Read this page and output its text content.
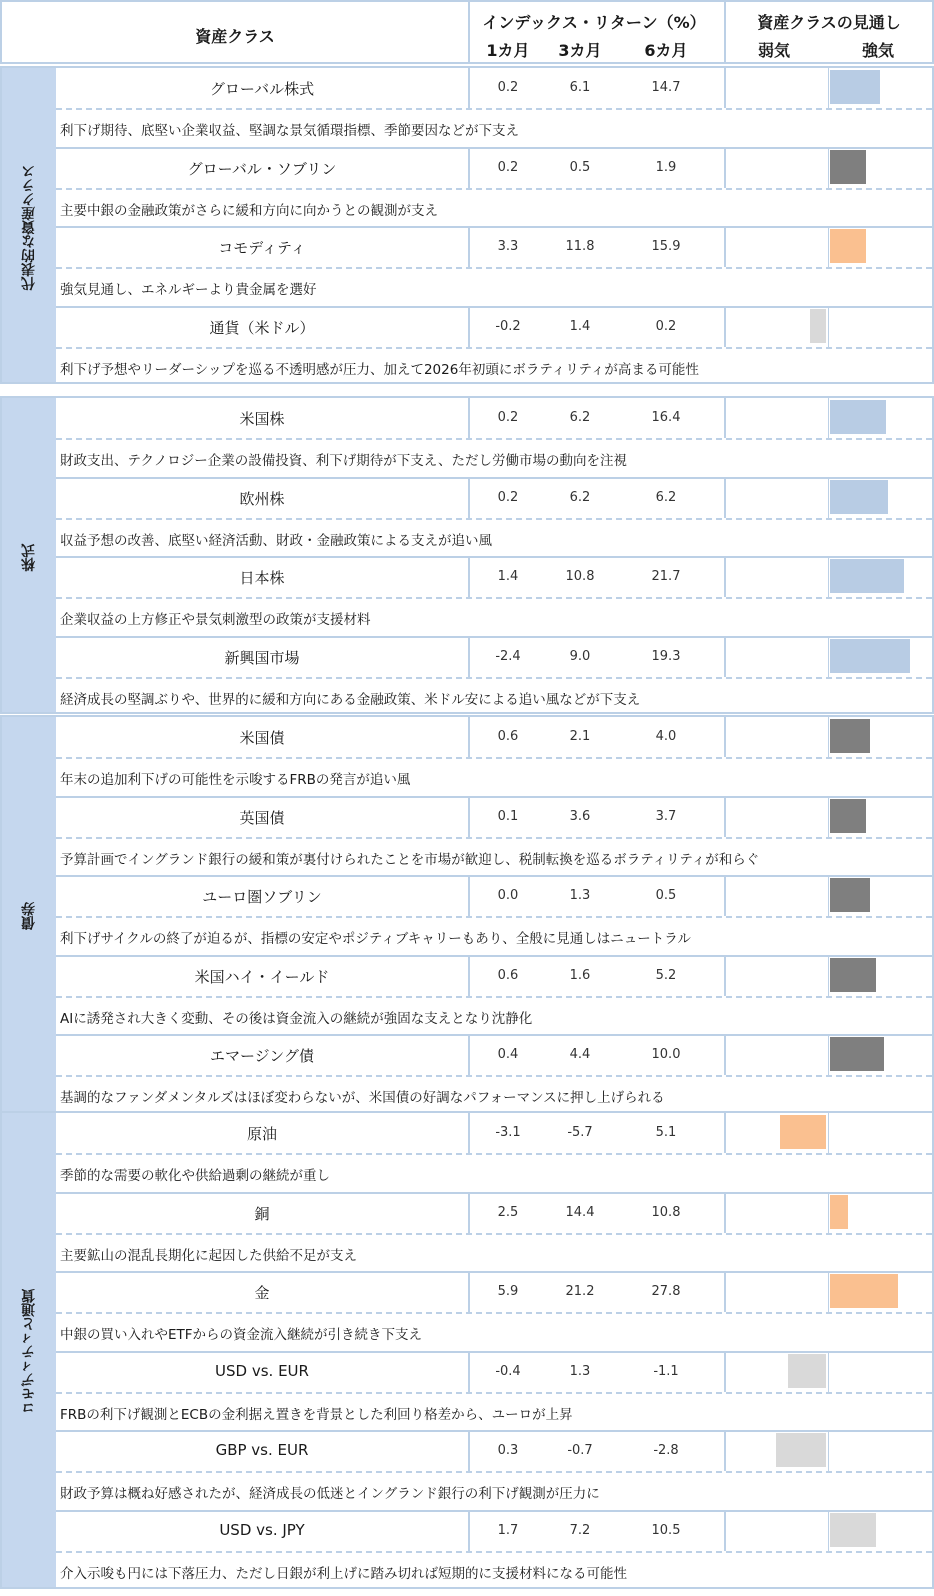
資産クラス
インデックス・リターン（%）
1カ月	3カ月	6カ月
資産クラスの見通し
弱気	強気
代表的な
資産クラス
グローバル株式	0.2	6.1	14.7
利下げ期待、底堅い企業収益、堅調な景気循環指標、季節要因などが下支え
グローバル・ソブリン	0.2	0.5	1.9
主要中銀の金融政策がさらに緩和方向に向かうとの観測が支え
コモディティ	3.3	11.8	15.9
強気見通し、エネルギーより貴金属を選好
通貨（米ドル）	-0.2	1.4	0.2
利下げ予想やリーダーシップを巡る不透明感が圧力、加えて2026年初頭にボラティリティが高まる可能性
株式
米国株	0.2	6.2	16.4
財政支出、テクノロジー企業の設備投資、利下げ期待が下支え、ただし労働市場の動向を注視
欧州株	0.2	6.2	6.2
収益予想の改善、底堅い経済活動、財政・金融政策による支えが追い風
日本株	1.4	10.8	21.7
企業収益の上方修正や景気刺激型の政策が支援材料
新興国市場	-2.4	9.0	19.3
経済成長の堅調ぶりや、世界的に緩和方向にある金融政策、米ドル安による追い風などが下支え
債券
米国債	0.6	2.1	4.0
年末の追加利下げの可能性を示唆するFRBの発言が追い風
英国債	0.1	3.6	3.7
予算計画でイングランド銀行の緩和策が裏付けられたことを市場が歓迎し、税制転換を巡るボラティリティが和らぐ
ユーロ圏ソブリン	0.0	1.3	0.5
利下げサイクルの終了が迫るが、指標の安定やポジティブキャリーもあり、全般に見通しはニュートラル
米国ハイ・イールド	0.6	1.6	5.2
AIに誘発され大きく変動、その後は資金流入の継続が強固な支えとなり沈静化
エマージング債	0.4	4.4	10.0
基調的なファンダメンタルズはほぼ変わらないが、米国債の好調なパフォーマンスに押し上げられる
コモディティと通貨
原油	-3.1	-5.7	5.1
季節的な需要の軟化や供給過剰の継続が重し
銅	2.5	14.4	10.8
主要鉱山の混乱長期化に起因した供給不足が支え
金	5.9	21.2	27.8
中銀の買い入れやETFからの資金流入継続が引き続き下支え
USD vs. EUR	-0.4	1.3	-1.1
FRBの利下げ観測とECBの金利据え置きを背景とした利回り格差から、ユーロが上昇
GBP vs. EUR	0.3	-0.7	-2.8
財政予算は概ね好感されたが、経済成長の低迷とイングランド銀行の利下げ観測が圧力に
USD vs. JPY	1.7	7.2	10.5
介入示唆も円には下落圧力、ただし日銀が利上げに踏み切れば短期的に支援材料になる可能性
